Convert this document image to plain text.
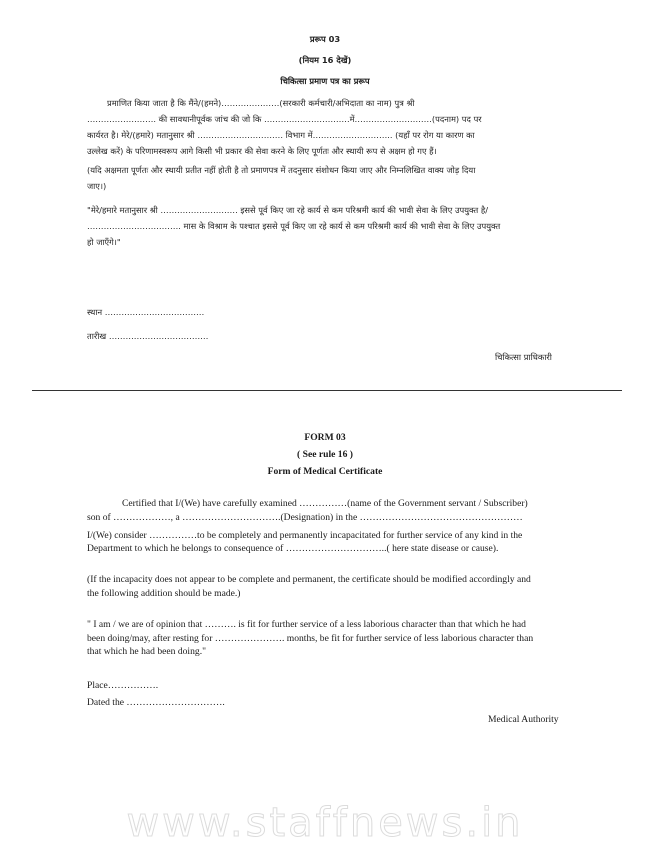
प्ररूप 03
(नियम 16 देखें)
चिकित्सा प्रमाण पत्र का प्ररूप
प्रमाणित किया जाता है कि मैंने/(हमने)…………………(सरकारी कर्मचारी/अभिदाता का नाम) पुत्र श्री
……………………. की सावधानीपूर्वक जांच की जो कि ………………………….में……………………….(पदनाम) पद पर
कार्यरत है। मेरे/(हमारे) मतानुसार श्री …………………………. विभाग में……………………….. (यहाँ पर रोग या कारण का
उल्लेख करें) के परिणामस्वरूप आगे किसी भी प्रकार की सेवा करने के लिए पूर्णतः और स्थायी रूप से अक्षम हो गए हैं।
(यदि अक्षमता पूर्णतः और स्थायी प्रतीत नहीं होती है तो प्रमाणपत्र में तदनुसार संशोधन किया जाए और निम्नलिखित वाक्य जोड़ दिया
जाए।)
"मेरे/हमारे मतानुसार श्री ………………………. इससे पूर्व किए जा रहे कार्य से कम परिश्रमी कार्य की भावी सेवा के लिए उपयुक्त है/
……………………………. मास के विश्राम के पश्चात इससे पूर्व किए जा रहे कार्य से कम परिश्रमी कार्य की भावी सेवा के लिए उपयुक्त
हो जाएँगे।"
स्थान ………………………………
तारीख ………………………………
चिकित्सा प्राधिकारी
FORM 03
( See rule 16 )
Form of Medical Certificate
Certified that I/(We) have carefully examined ……………(name of the Government servant / Subscriber)
son of ………………, a ………………………….(Designation) in the ……………………………………………
I/(We) consider ……………to be completely and permanently incapacitated for further service of any kind in the
Department to which he belongs to consequence of …………………………..( here state disease or cause).
(If the incapacity does not appear to be complete and permanent, the certificate should be modified accordingly and
the following addition should be made.)
" I am / we are of opinion that ………. is fit for further service of a less laborious character than that which he had
been doing/may, after resting for …………………. months, be fit for further service of less laborious character than
that which he had been doing."
Place…………….
Dated the ………………………….
Medical Authority
www.staffnews.in
